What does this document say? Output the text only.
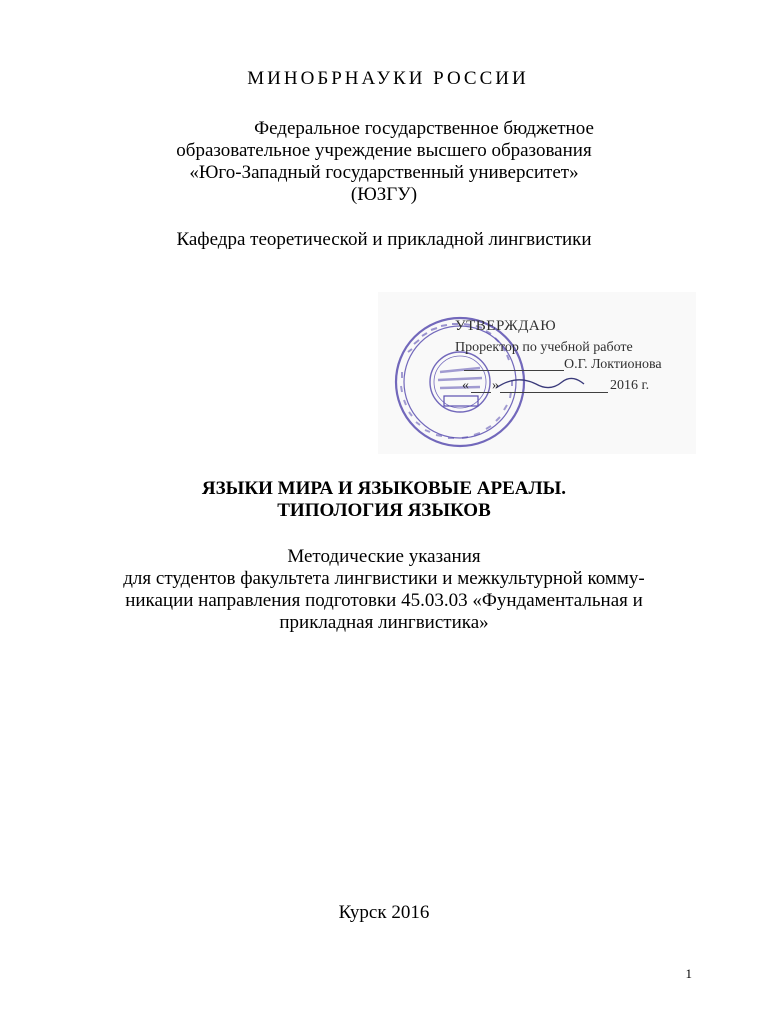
МИНОБРНАУКИ РОССИИ
Федеральное государственное бюджетное
образовательное учреждение высшего образования
«Юго-Западный государственный университет»
(ЮЗГУ)
Кафедра теоретической и прикладной лингвистики
УТВЕРЖДАЮ
Проректор по учебной работе
О.Г. Локтионова
« »	2016 г.
ЯЗЫКИ МИРА И ЯЗЫКОВЫЕ АРЕАЛЫ.
ТИПОЛОГИЯ ЯЗЫКОВ
Методические указания
для студентов факультета лингвистики и межкультурной комму-
никации направления подготовки 45.03.03 «Фундаментальная и
прикладная лингвистика»
Курск 2016
1
